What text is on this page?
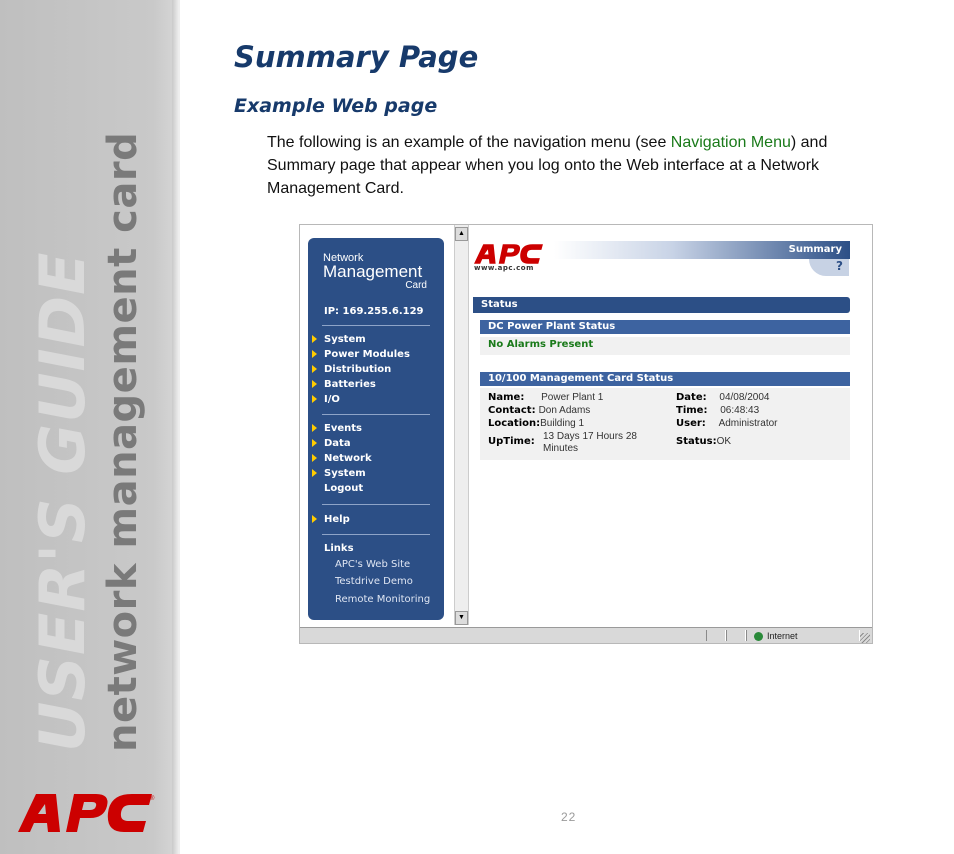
USER'S GUIDE network management card
®
Summary Page
Example Web page

The following is an example of the navigation menu (see Navigation Menu) and Summary page that appear when you log onto the Web interface at a Network Management Card.

Network
Management
Card
IP: 169.255.6.129
System
Power Modules
Distribution
Batteries
I/O
Events
Data
Network
System
Logout
Help
Links
APC's Web Site
Testdrive Demo
Remote Monitoring
▲
▼
www.apc.com
Summary
?
Status
DC Power Plant Status
No Alarms Present
10/100 Management Card Status
Name: Power Plant 1
Contact: Don Adams
Location:Building 1
UpTime: 13 Days 17 Hours 28
Minutes
Date: 04/08/2004
Time: 06:48:43
User: Administrator
Status:OK
Internet
22
